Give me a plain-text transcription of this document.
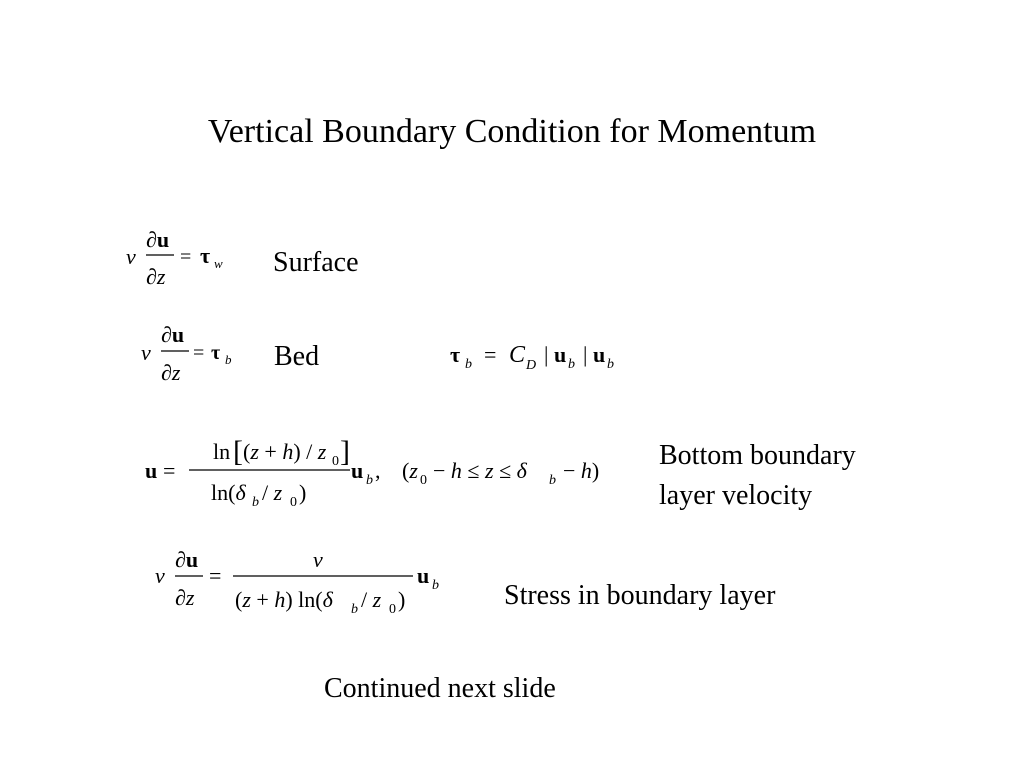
Vertical Boundary Condition for Momentum
ν
∂u
∂z
= τ w Surface
ν
∂u
∂z
= τ b Bed	τ b = C D | u b | u b
u =
ln [ (z + h) / z 0 ]
ln(δ b / z 0 )
u b , (z 0 − h ≤ z ≤ δ b − h) Bottom boundary
layer velocity
ν
∂u
∂z
=
ν
(z + h) ln(δ b / z 0 )
u b Stress in boundary layer
Continued next slide
